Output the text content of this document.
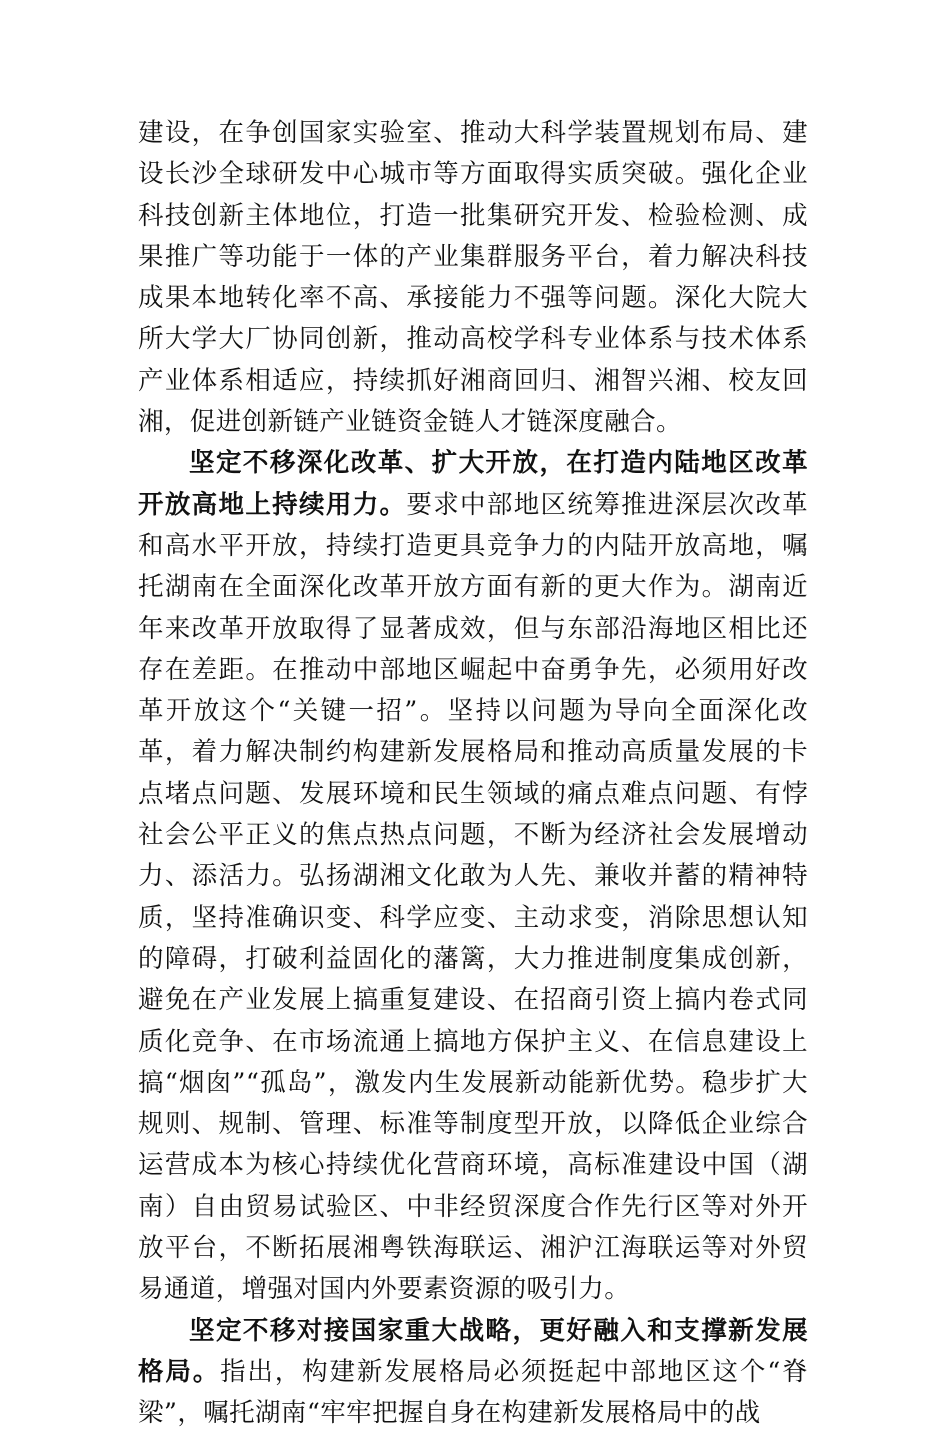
建设，在争创国家实验室、推动大科学装置规划布局、建设长沙全球研发中心城市等方面取得实质突破。强化企业科技创新主体地位，打造一批集研究开发、检验检测、成果推广等功能于一体的产业集群服务平台，着力解决科技成果本地转化率不高、承接能力不强等问题。深化大院大所大学大厂协同创新，推动高校学科专业体系与技术体系产业体系相适应，持续抓好湘商回归、湘智兴湘、校友回湘，促进创新链产业链资金链人才链深度融合。

坚定不移深化改革、扩大开放，在打造内陆地区改革开放高地上持续用力。要求中部地区统筹推进深层次改革和高水平开放，持续打造更具竞争力的内陆开放高地，嘱托湖南在全面深化改革开放方面有新的更大作为。湖南近年来改革开放取得了显著成效，但与东部沿海地区相比还存在差距。在推动中部地区崛起中奋勇争先，必须用好改革开放这个“关键一招”。坚持以问题为导向全面深化改革，着力解决制约构建新发展格局和推动高质量发展的卡点堵点问题、发展环境和民生领域的痛点难点问题、有悖社会公平正义的焦点热点问题，不断为经济社会发展增动力、添活力。弘扬湖湘文化敢为人先、兼收并蓄的精神特质，坚持准确识变、科学应变、主动求变，消除思想认知的障碍，打破利益固化的藩篱，大力推进制度集成创新，避免在产业发展上搞重复建设、在招商引资上搞内卷式同质化竞争、在市场流通上搞地方保护主义、在信息建设上搞“烟囱”“孤岛”，激发内生发展新动能新优势。稳步扩大规则、规制、管理、标准等制度型开放，以降低企业综合运营成本为核心持续优化营商环境，高标准建设中国（湖南）自由贸易试验区、中非经贸深度合作先行区等对外开放平台，不断拓展湘粤铁海联运、湘沪江海联运等对外贸易通道，增强对国内外要素资源的吸引力。

坚定不移对接国家重大战略，更好融入和支撑新发展格局。指出，构建新发展格局必须挺起中部地区这个“脊梁”，嘱托湖南“牢牢把握自身在构建新发展格局中的战
